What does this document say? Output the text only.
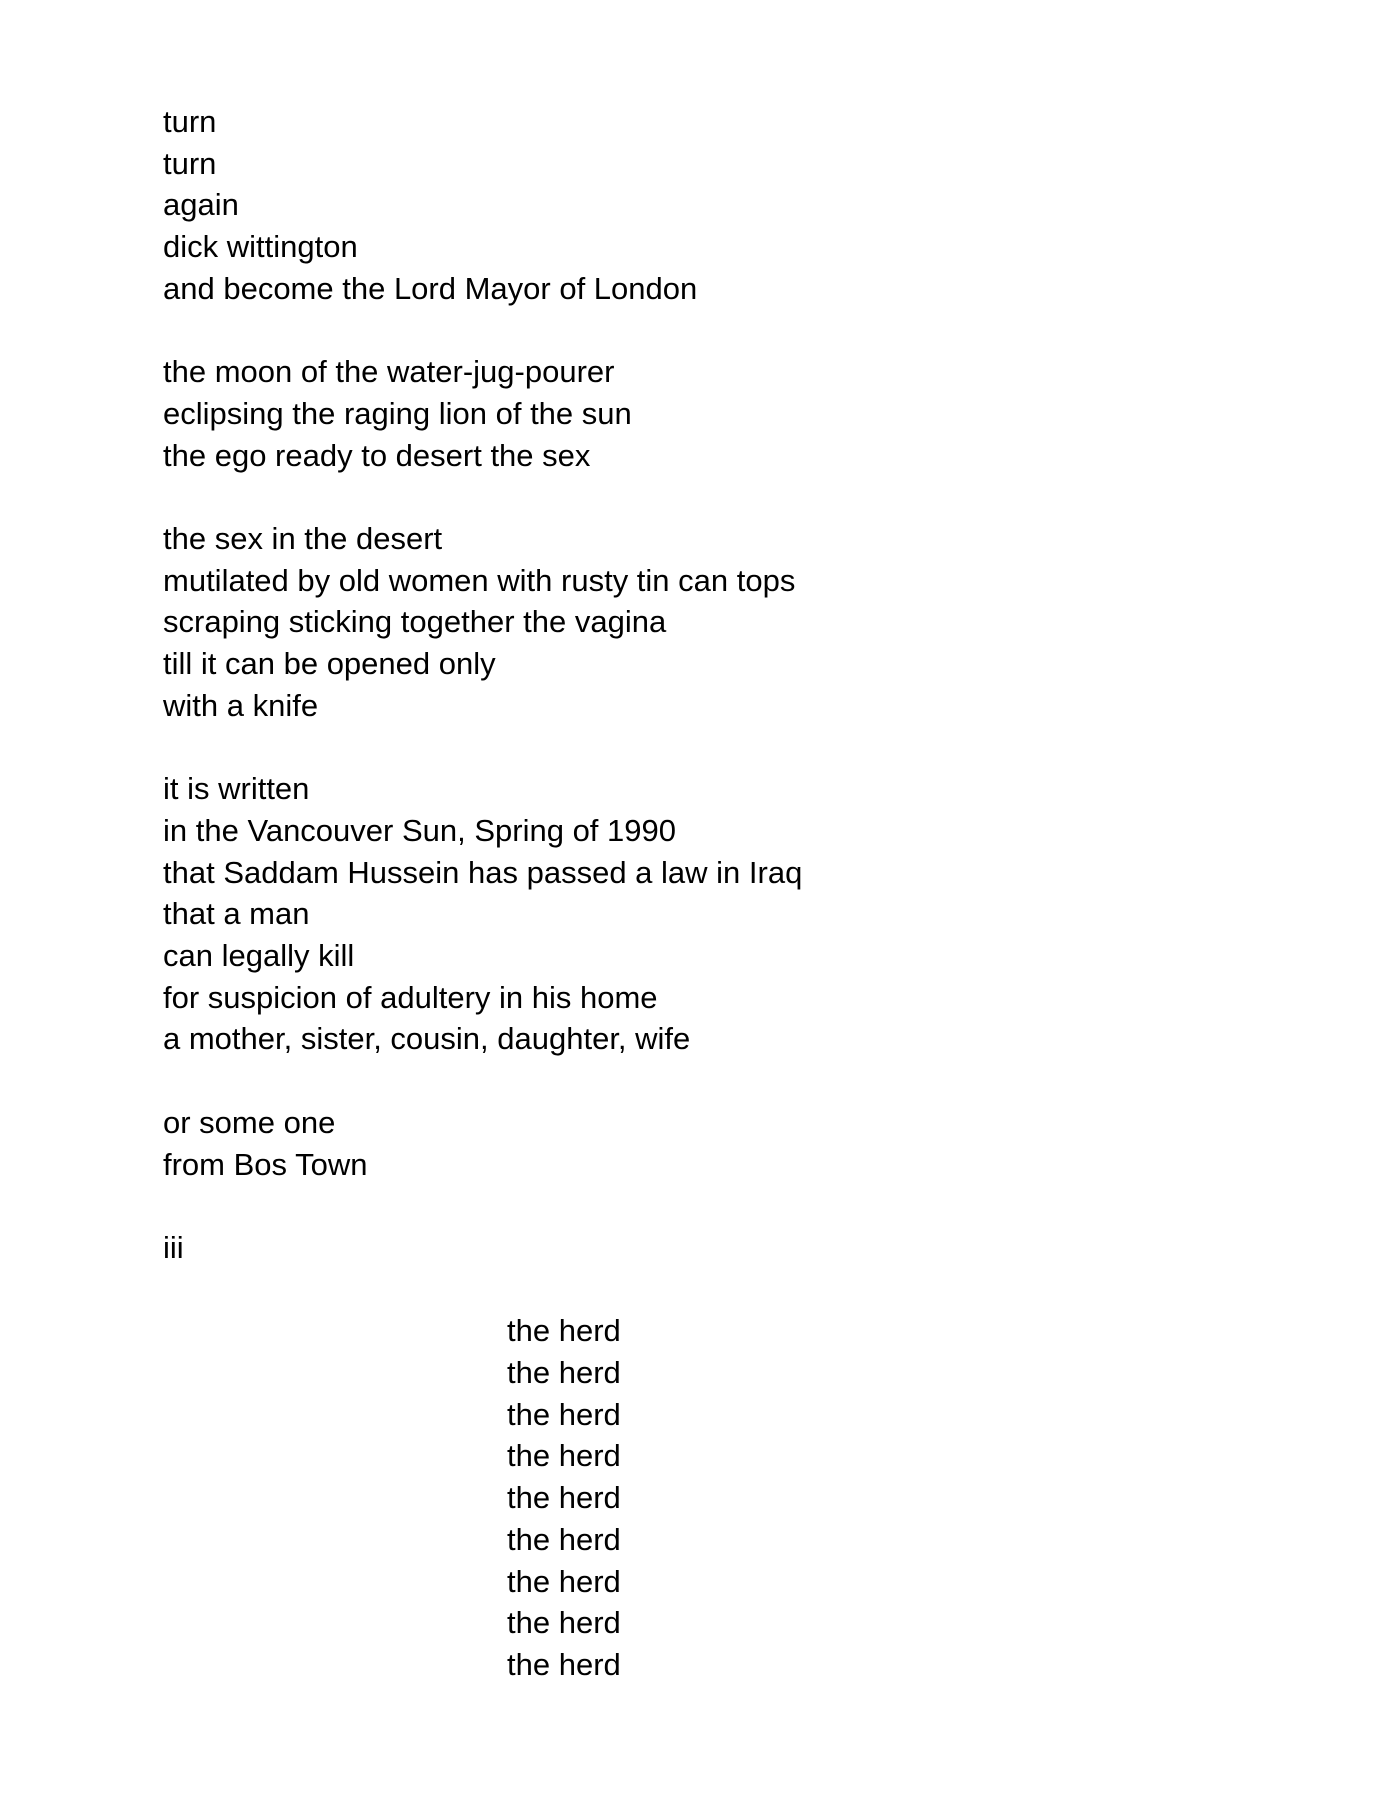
turn
turn
again
dick wittington
and become the Lord Mayor of London
the moon of the water-jug-pourer
eclipsing the raging lion of the sun
the ego ready to desert the sex
the sex in the desert
mutilated by old women with rusty tin can tops
scraping sticking together the vagina
till it can be opened only
with a knife
it is written
in the Vancouver Sun, Spring of 1990
that Saddam Hussein has passed a law in Iraq
that a man
can legally kill
for suspicion of adultery in his home
a mother, sister, cousin, daughter, wife
or some one
from Bos Town
iii
the herd
the herd
the herd
the herd
the herd
the herd
the herd
the herd
the herd
